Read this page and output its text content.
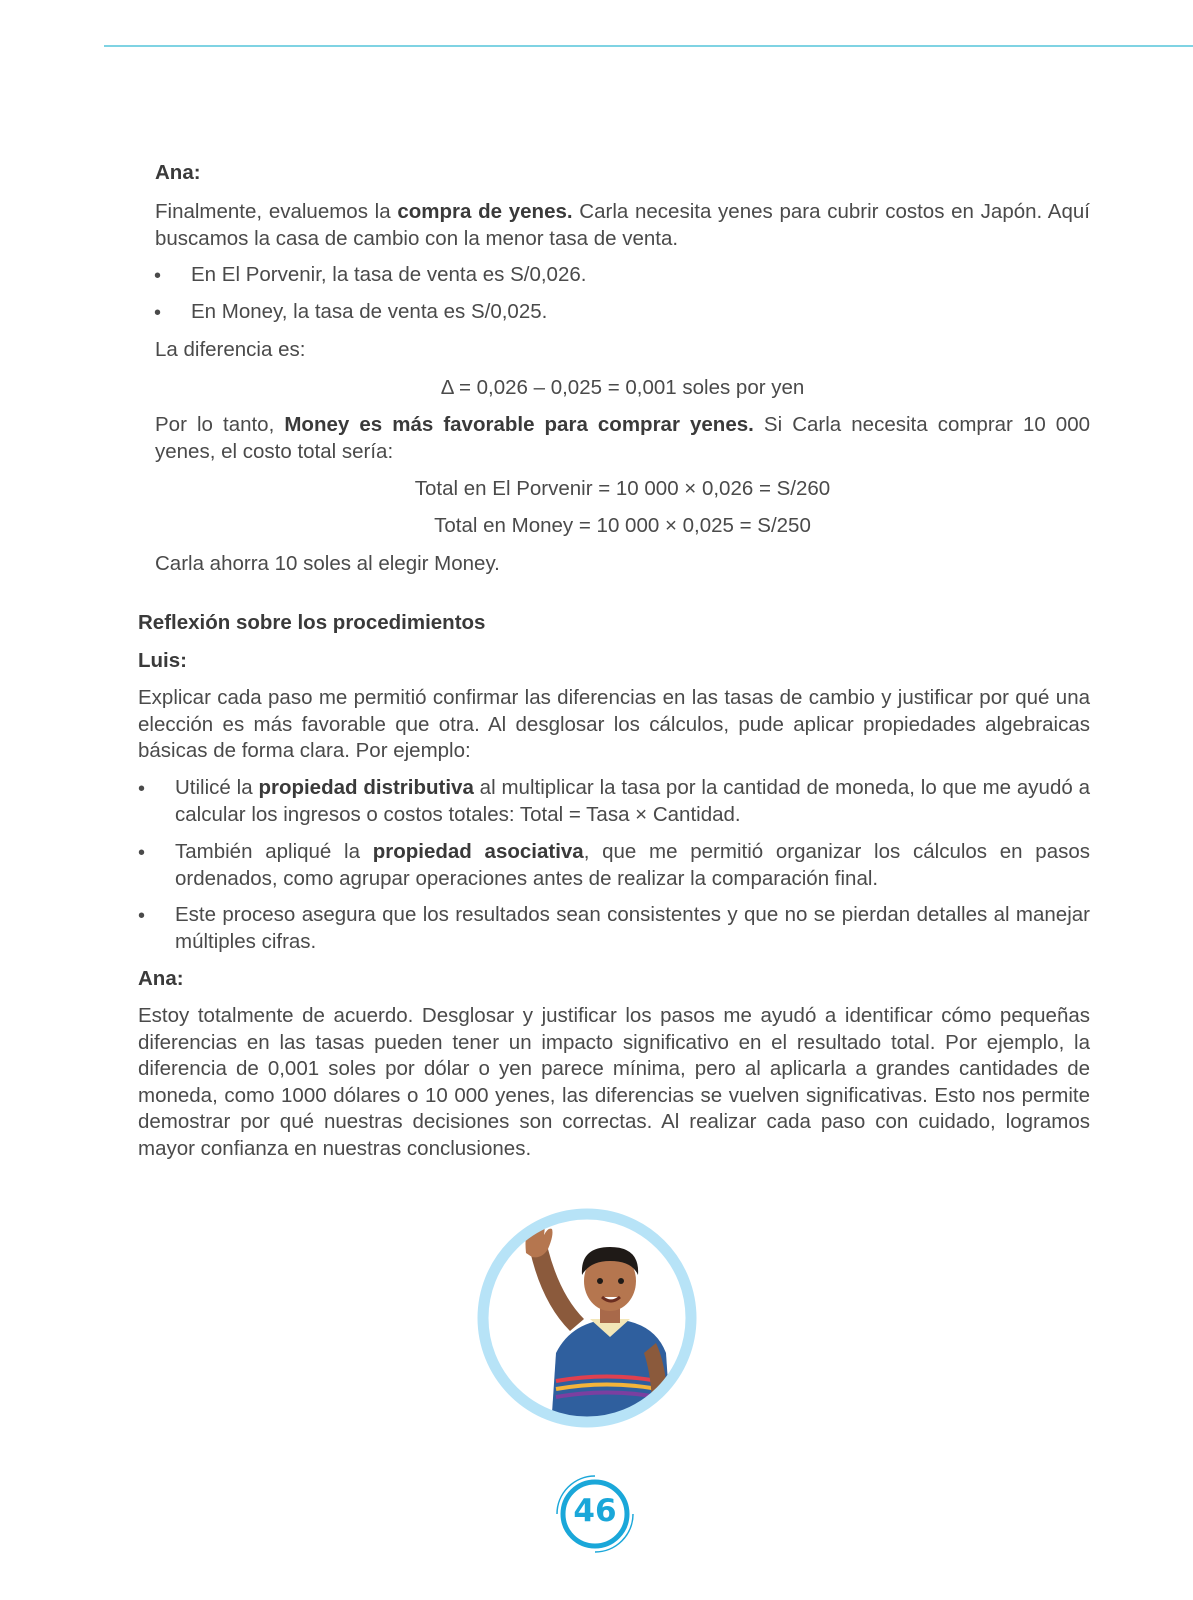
Ana:

Finalmente, evaluemos la compra de yenes. Carla necesita yenes para cubrir costos en Japón. Aquí buscamos la casa de cambio con la menor tasa de venta.

• En El Porvenir, la tasa de venta es S/0,026.

• En Money, la tasa de venta es S/0,025.

La diferencia es:

Δ = 0,026 – 0,025 = 0,001 soles por yen

Por lo tanto, Money es más favorable para comprar yenes. Si Carla necesita comprar 10 000 yenes, el costo total sería:

Total en El Porvenir = 10 000 × 0,026 = S/260

Total en Money = 10 000 × 0,025 = S/250

Carla ahorra 10 soles al elegir Money.

Reflexión sobre los procedimientos

Luis:

Explicar cada paso me permitió confirmar las diferencias en las tasas de cambio y justificar por qué una elección es más favorable que otra. Al desglosar los cálculos, pude aplicar propiedades algebraicas básicas de forma clara. Por ejemplo:

• Utilicé la propiedad distributiva al multiplicar la tasa por la cantidad de moneda, lo que me ayudó a calcular los ingresos o costos totales: Total = Tasa × Cantidad.

• También apliqué la propiedad asociativa, que me permitió organizar los cálculos en pasos ordenados, como agrupar operaciones antes de realizar la comparación final.

• Este proceso asegura que los resultados sean consistentes y que no se pierdan detalles al manejar múltiples cifras.

Ana:

Estoy totalmente de acuerdo. Desglosar y justificar los pasos me ayudó a identificar cómo pequeñas diferencias en las tasas pueden tener un impacto significativo en el resultado total. Por ejemplo, la diferencia de 0,001 soles por dólar o yen parece mínima, pero al aplicarla a grandes cantidades de moneda, como 1000 dólares o 10 000 yenes, las diferencias se vuelven significativas. Esto nos permite demostrar por qué nuestras decisiones son correctas. Al realizar cada paso con cuidado, logramos mayor confianza en nuestras conclusiones.

46
